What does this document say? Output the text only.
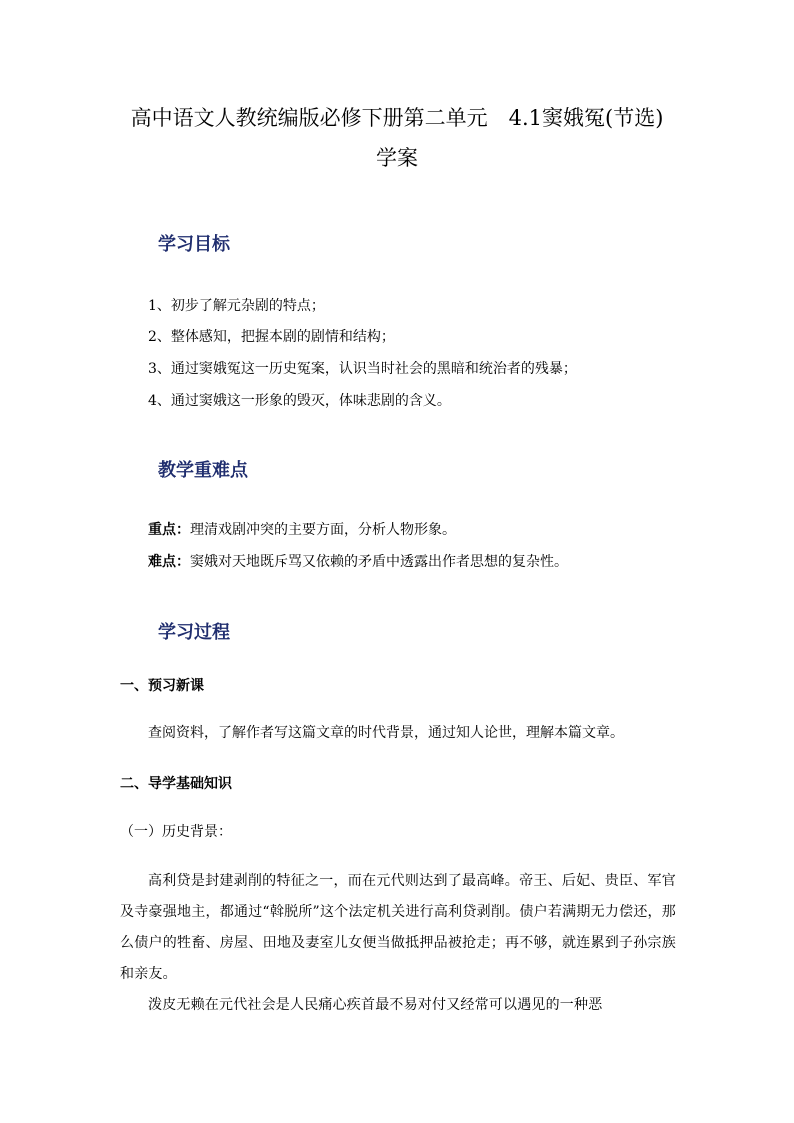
高中语文人教统编版必修下册第二单元　4.1窦娥冤(节选)

学案

学习目标

1、初步了解元杂剧的特点；

2、整体感知，把握本剧的剧情和结构；

3、通过窦娥冤这一历史冤案，认识当时社会的黑暗和统治者的残暴；

4、通过窦娥这一形象的毁灭，体味悲剧的含义。

教学重难点

重点：理清戏剧冲突的主要方面，分析人物形象。

难点：窦娥对天地既斥骂又依赖的矛盾中透露出作者思想的复杂性。

学习过程

一、预习新课

查阅资料，了解作者写这篇文章的时代背景，通过知人论世，理解本篇文章。

二、导学基础知识

（一）历史背景：

高利贷是封建剥削的特征之一，而在元代则达到了最高峰。帝王、后妃、贵臣、军官及寺豪强地主，都通过“斡脱所”这个法定机关进行高利贷剥削。债户若满期无力偿还，那么债户的牲畜、房屋、田地及妻室儿女便当做抵押品被抢走；再不够，就连累到子孙宗族和亲友。

泼皮无赖在元代社会是人民痛心疾首最不易对付又经常可以遇见的一种恶
